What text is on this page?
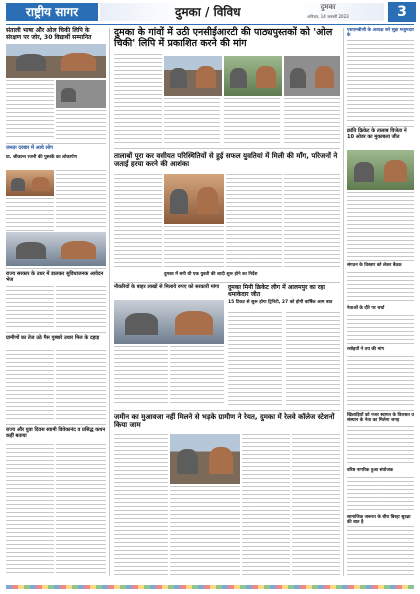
राष्ट्रीय सागर	दुमका / विविध	दुमका
शनिवार, 14 जनवरी 2023	3
संताली भाषा और ओल चिकी लिपि के संरक्षण पर जोर, 30 विद्यार्थी सम्मानित
जनता दरबार में आये लोग
प्रा. श्रीकान्त रजनी की पुस्तकें का लोकार्पण
राज्य सरकार के उधर में डालकर सुविधाजनक आवेदन भेज
ग्रामीणों का तेज उठे गैस गुब्बारे उधार मिल के दहाड़
राज्य और युवा दिवस स्वामी विवेकानंद व प्रसिद्ध कथन कहीं बताया
दुमका के गांवों में उठी एनसीईआरटी की पाठ्यपुस्तकों को 'ओल चिकी' लिपि में प्रकाशित करने की मांग
तालाबों पूरा कर वसीयत परिस्थितियों से हुई सफल युवतियां में मिली की माँग, परिजनों ने जताई हरया करने की आशंका
दुमका में बनी थी एक युवती की शादी शुरू होने का निर्देश
नौकरियों के बाहर लाखों से मिलाये रुपए को सरकारी मांगा	दुमका मिनी क्रिकेट लीग में आलमपुर का रहा धमाकेदार जीत
15 टिकट से सुरू होगा ट्रिनिटी, 27 को होगी वार्षिक आम बात
जमीन का मुआवजा नहीं मिलने से भड़के ग्रामीण ने रेयत, दुमका में रेलवे कॉलेज स्टेशनों किया जाम
एसएमबीजी के अध्यक्ष बने सुहा मजुमदार के
क्रांति क्रिकेट के तालाब विजेता ने 10 ओवर का मुकाबला जीत
संगठन के विस्तार को लेकर बैठक
नेताओं के दौरे पर चर्चा
रसोइयों ने तय की मांग
खिलाड़ियों को नजर स्वागत के विरासत व संस्थान के नेता का मिलेगा जगह
वरिष्ठ नागरिक हुआ संयोजक
सामाजिक जरूरत के बीच बिरहा सुरक्षा की बात है
